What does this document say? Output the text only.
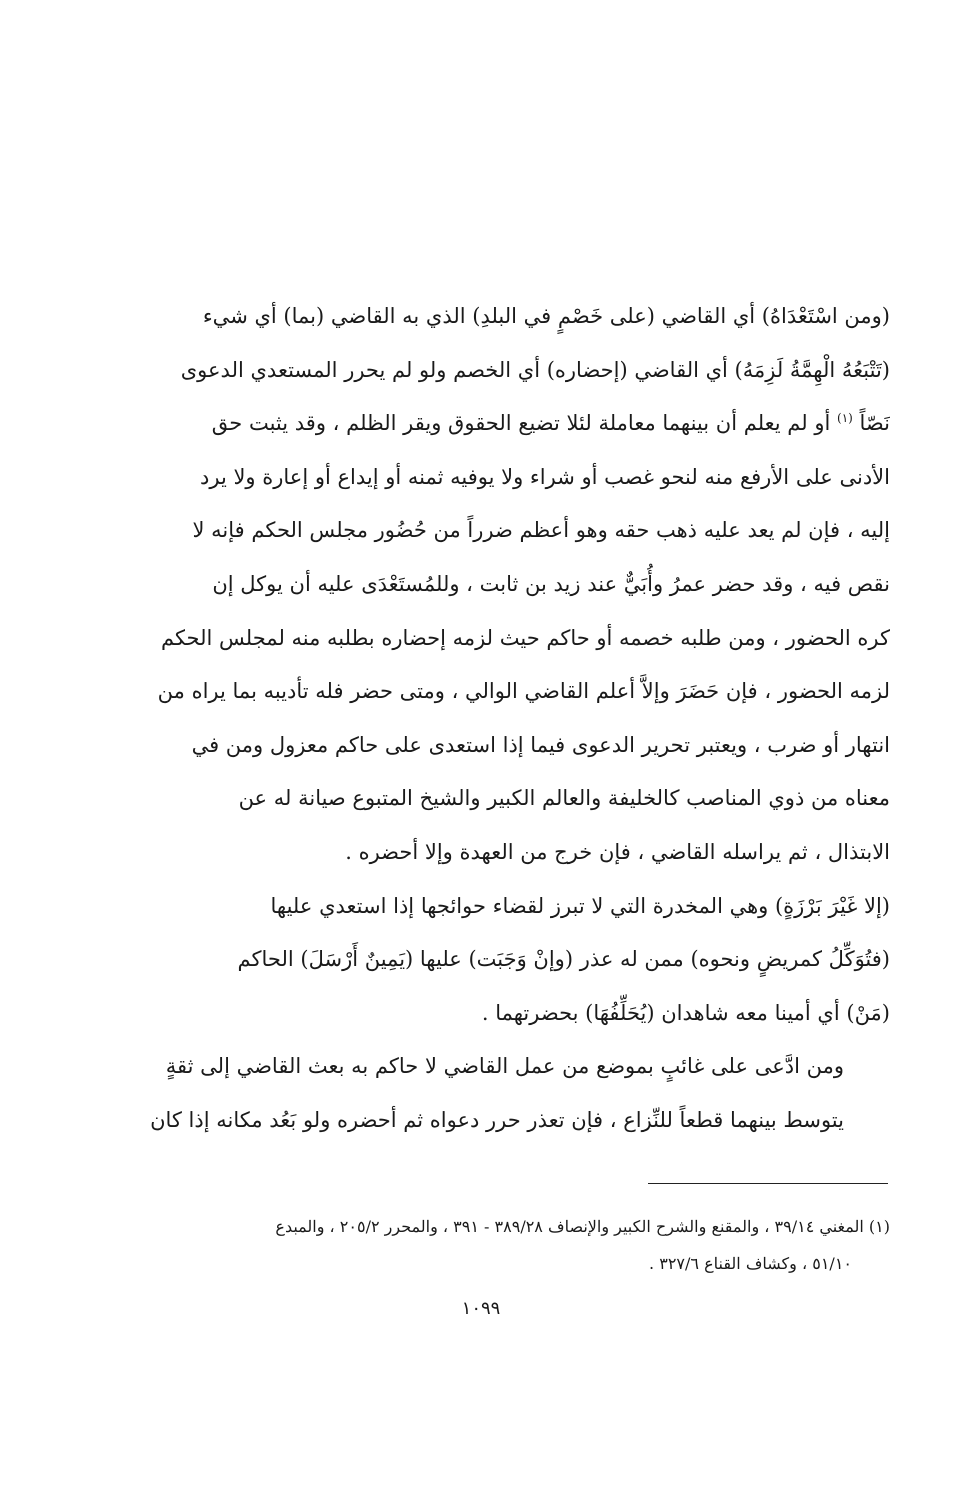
(ومن اسْتَعْدَاهُ) أي القاضي (على خَصْمٍ في البلدِ) الذي به القاضي (بما) أي شيء
(تَتْبَعُهُ الْهِمَّةُ لَزِمَهُ) أي القاضي (إحضاره) أي الخصم ولو لم يحرر المستعدي الدعوى
نَصّاً $^{(١)}$ أو لم يعلم أن بينهما معاملة لئلا تضيع الحقوق ويقر الظلم ، وقد يثبت حق
الأدنى على الأرفع منه لنحو غصب أو شراء ولا يوفيه ثمنه أو إيداع أو إعارة ولا يرد
إليه ، فإن لم يعد عليه ذهب حقه وهو أعظم ضرراً من حُضُور مجلس الحكم فإنه لا
نقص فيه ، وقد حضر عمرُ وأُبَيٌّ عند زيد بن ثابت ، وللمُستَعْدَى عليه أن يوكل إن
كره الحضور ، ومن طلبه خصمه أو حاكم حيث لزمه إحضاره بطلبه منه لمجلس الحكم
لزمه الحضور ، فإن حَضَرَ وإلاَّ أعلم القاضي الوالي ، ومتى حضر فله تأديبه بما يراه من
انتهار أو ضرب ، ويعتبر تحرير الدعوى فيما إذا استعدى على حاكم معزول ومن في
معناه من ذوي المناصب كالخليفة والعالم الكبير والشيخ المتبوع صيانة له عن
الابتذال ، ثم يراسله القاضي ، فإن خرج من العهدة وإلا أحضره .

(إلا غَيْرَ بَرْزَةٍ) وهي المخدرة التي لا تبرز لقضاء حوائجها إذا استعدي عليها
(فتُوَكِّلُ كمريضٍ ونحوه) ممن له عذر (وإنْ وَجَبَت) عليها (يَمِينٌ أَرْسَلَ) الحاكم
(مَنْ) أي أمينا معه شاهدان (يُحَلِّفُهَا) بحضرتهما .

ومن ادَّعى على غائبٍ بموضع من عمل القاضي لا حاكم به بعث القاضي إلى ثقةٍ
يتوسط بينهما قطعاً للنِّزاع ، فإن تعذر حرر دعواه ثم أحضره ولو بَعُد مكانه إذا كان

(١) المغني ٣٩/١٤ ، والمقنع والشرح الكبير والإنصاف ٣٨٩/٢٨ - ٣٩١ ، والمحرر ٢٠٥/٢ ، والمبدع
٥١/١٠ ، وكشاف القناع ٣٢٧/٦ .
١٠٩٩
